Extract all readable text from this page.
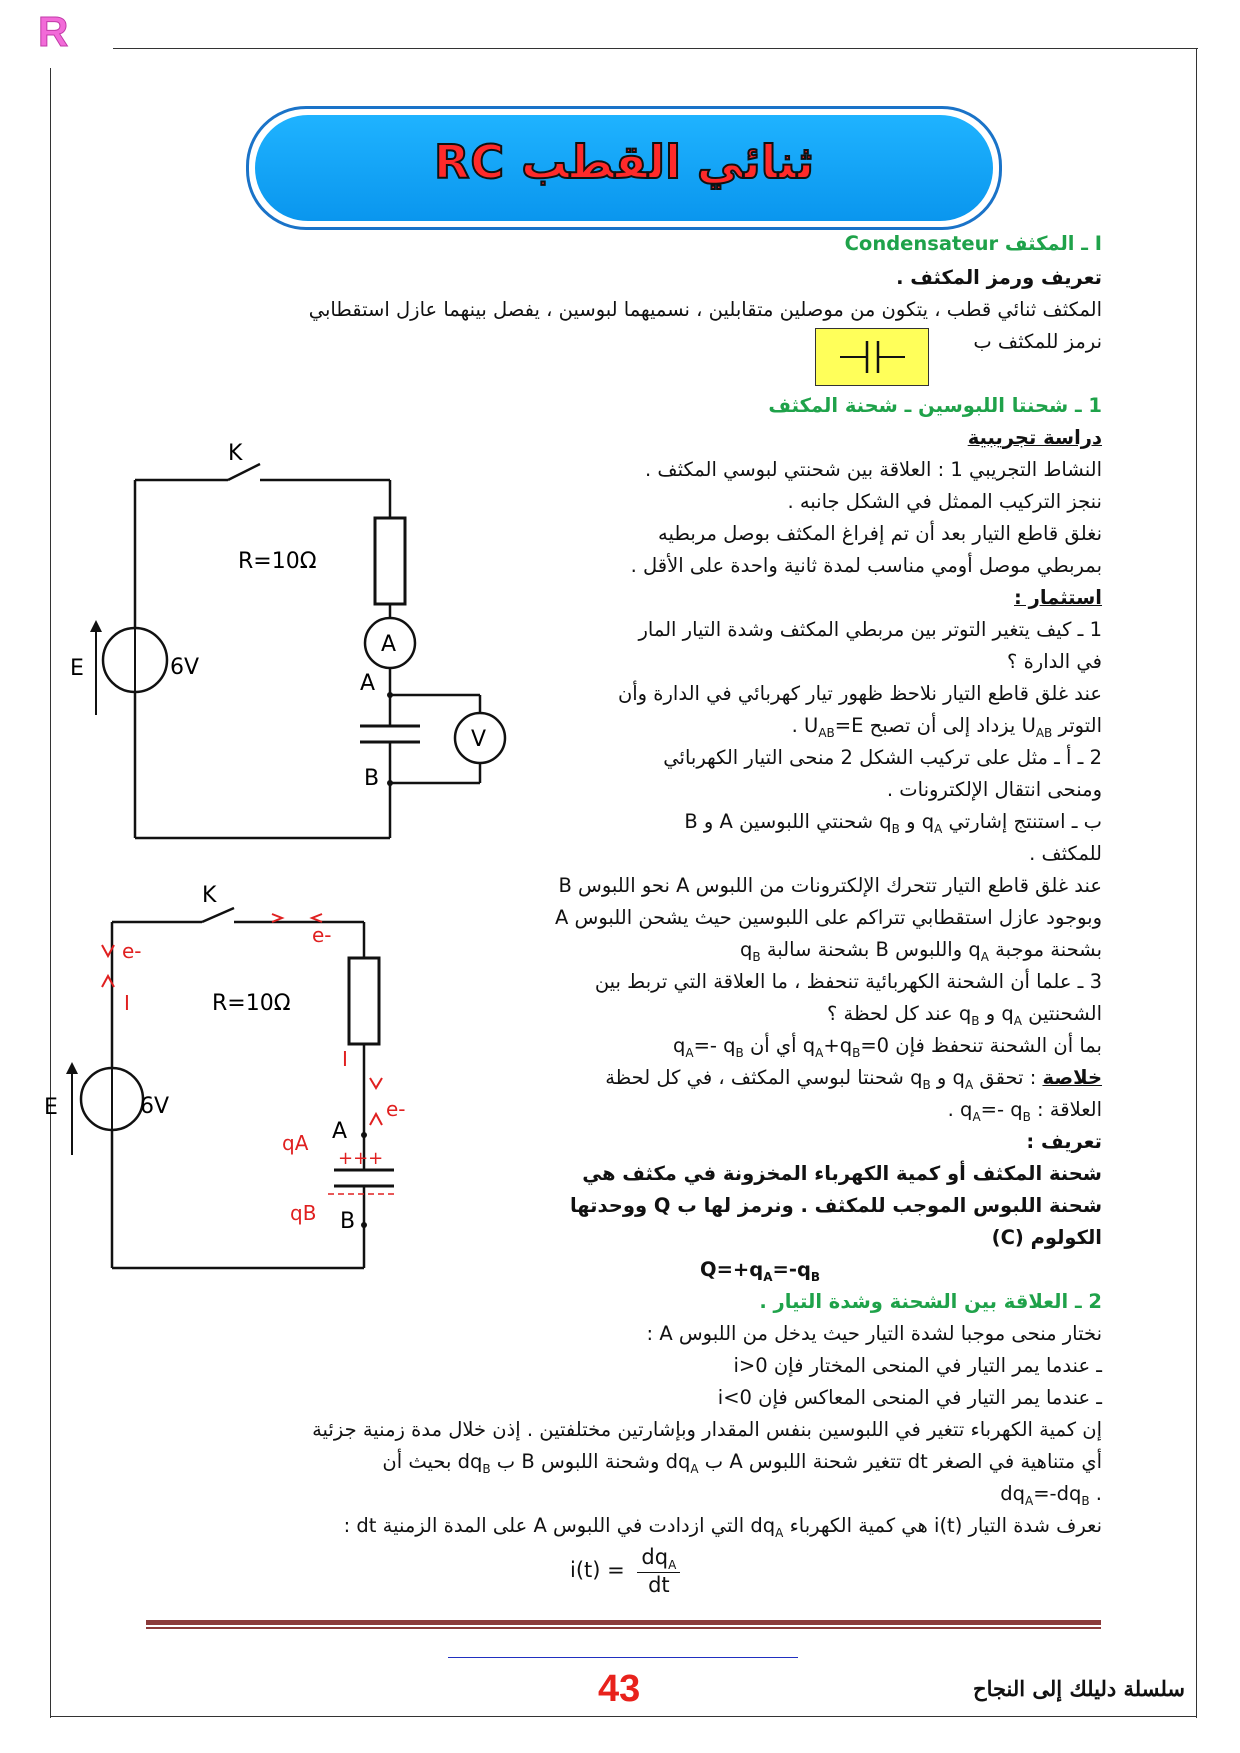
R
ثنائي القطب RC
I ـ المكثف Condensateur
تعريف ورمز المكثف .
المكثف ثنائي قطب ، يتكون من موصلين متقابلين ، نسميهما لبوسين ، يفصل بينهما عازل استقطابي
نرمز للمكثف ب
1 ـ شحنتا اللبوسين ـ شحنة المكثف
دراسة تجريبية
النشاط التجريبي 1 : العلاقة بين شحنتي لبوسي المكثف .
ننجز التركيب الممثل في الشكل جانبه .
نغلق قاطع التيار بعد أن تم إفراغ المكثف بوصل مربطيه
بمربطي موصل أومي مناسب لمدة ثانية واحدة على الأقل .
استثمار :
1 ـ كيف يتغير التوتر بين مربطي المكثف وشدة التيار المار
في الدارة ؟
عند غلق قاطع التيار نلاحظ ظهور تيار كهربائي في الدارة وأن
التوتر $U_{AB}$ يزداد إلى أن تصبح $U_{AB}=E$ .
2 ـ أ ـ مثل على تركيب الشكل 2 منحى التيار الكهربائي
ومنحى انتقال الإلكترونات .
ب ـ استنتج إشارتي $q_A$ و $q_B$ شحنتي اللبوسين A و B
للمكثف .
عند غلق قاطع التيار تتحرك الإلكترونات من اللبوس A نحو اللبوس B
وبوجود عازل استقطابي تتراكم على اللبوسين حيث يشحن اللبوس A
بشحنة موجبة $q_A$ واللبوس B بشحنة سالبة $q_B$
3 ـ علما أن الشحنة الكهربائية تنحفظ ، ما العلاقة التي تربط بين
الشحنتين $q_A$ و $q_B$ عند كل لحظة ؟
بما أن الشحنة تنحفظ فإن $q_A+q_B=0$ أي أن $q_A=-$ $q_B$
خلاصة : تحقق $q_A$ و $q_B$ شحنتا لبوسي المكثف ، في كل لحظة
العلاقة : $q_A=-$ $q_B$ .
تعريف :
شحنة المكثف أو كمية الكهرباء المخزونة في مكثف هي
شحنة اللبوس الموجب للمكثف . ونرمز لها ب Q ووحدتها
الكولوم (C)
$Q=+q_A=-q_B$
2 ـ العلاقة بين الشحنة وشدة التيار .
نختار منحى موجبا لشدة التيار حيث يدخل من اللبوس A :
ـ عندما يمر التيار في المنحى المختار فإن i>0
ـ عندما يمر التيار في المنحى المعاكس فإن i<0
إن كمية الكهرباء تتغير في اللبوسين بنفس المقدار وبإشارتين مختلفتين . إذن خلال مدة زمنية جزئية
أي متناهية في الصغر dt تتغير شحنة اللبوس A ب $dq_A$ وشحنة اللبوس B ب $dq_B$ بحيث أن
. $dq_A=-dq_B$
نعرف شدة التيار i(t) هي كمية الكهرباء $dq_A$ التي ازدادت في اللبوس A على المدة الزمنية dt :
$i(t) = \frac{dq_A}{dt}$
K
R=10Ω
A
V
A
B
E	6V
K
R=10Ω
A
B
E	6V
e-
e-
e-
I
I
+++
qA
qB
43	سلسلة دليلك إلى النجاح
